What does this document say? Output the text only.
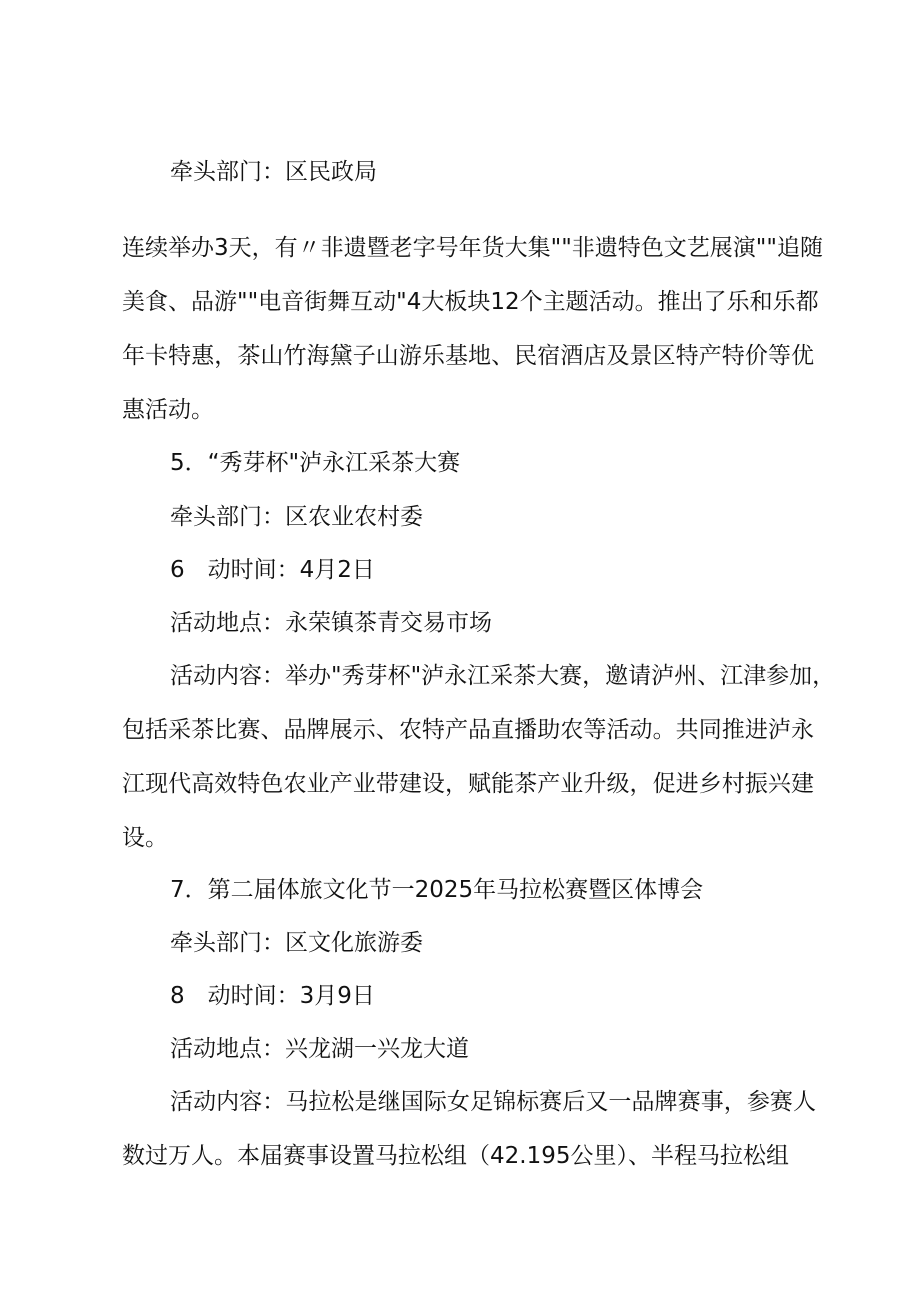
牵头部门：区民政局
连续举办3天，有〃非遗暨老字号年货大集""非遗特色文艺展演""追随
美食、品游""电音街舞互动"4大板块12个主题活动。推出了乐和乐都
年卡特惠，茶山竹海黛子山游乐基地、民宿酒店及景区特产特价等优
惠活动。
5．“秀芽杯"泸永江采茶大赛
牵头部门：区农业农村委
6　动时间：4月2日
活动地点：永荣镇茶青交易市场
活动内容：举办"秀芽杯"泸永江采茶大赛，邀请泸州、江津参加，
包括采茶比赛、品牌展示、农特产品直播助农等活动。共同推进泸永
江现代高效特色农业产业带建设，赋能茶产业升级，促进乡村振兴建
设。
7．第二届体旅文化节一2025年马拉松赛暨区体博会
牵头部门：区文化旅游委
8　动时间：3月9日
活动地点：兴龙湖一兴龙大道
活动内容：马拉松是继国际女足锦标赛后又一品牌赛事，参赛人
数过万人。本届赛事设置马拉松组（42.195公里）、半程马拉松组
